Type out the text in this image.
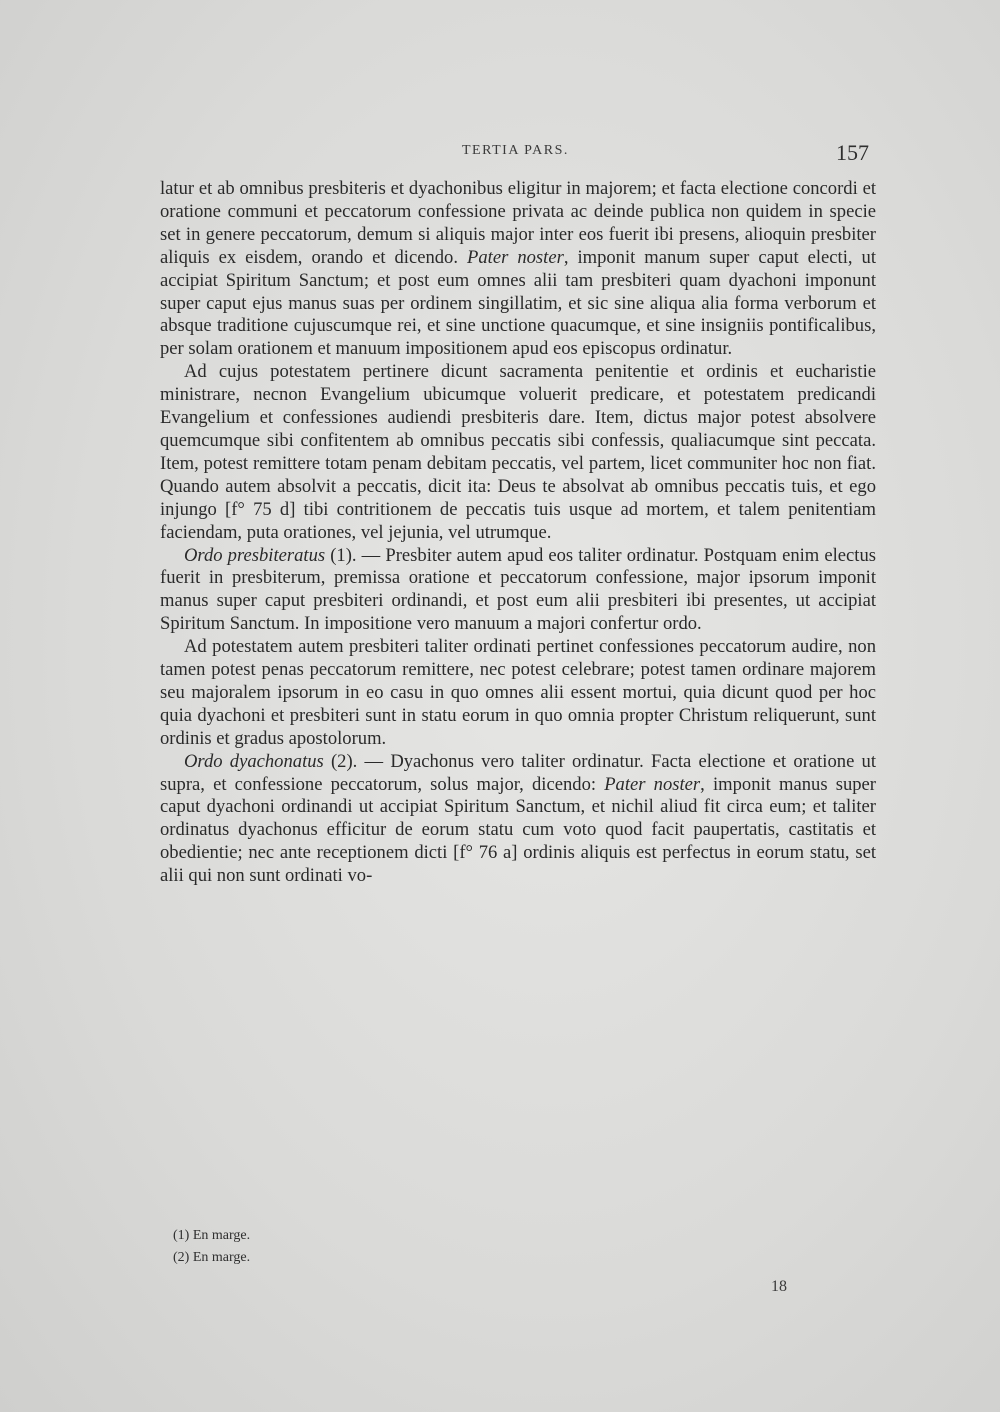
TERTIA PARS.	157

latur et ab omnibus presbiteris et dyachonibus eligitur in majorem; et facta electione concordi et oratione communi et peccatorum confessione privata ac deinde publica non quidem in specie set in genere peccatorum, demum si aliquis major inter eos fuerit ibi presens, alioquin presbiter aliquis ex eisdem, orando et dicendo. Pater noster, imponit manum super caput electi, ut accipiat Spiritum Sanctum; et post eum omnes alii tam presbiteri quam dyachoni imponunt super caput ejus manus suas per ordinem singillatim, et sic sine aliqua alia forma verborum et absque traditione cujuscumque rei, et sine unctione quacumque, et sine insigniis pontificalibus, per solam orationem et manuum impositionem apud eos episcopus ordinatur.

Ad cujus potestatem pertinere dicunt sacramenta penitentie et ordinis et eucharistie ministrare, necnon Evangelium ubicumque voluerit predicare, et potestatem predicandi Evangelium et confessiones audiendi presbiteris dare. Item, dictus major potest absolvere quemcumque sibi confitentem ab omnibus peccatis sibi confessis, qualiacumque sint peccata. Item, potest remittere totam penam debitam peccatis, vel partem, licet communiter hoc non fiat. Quando autem absolvit a peccatis, dicit ita: Deus te absolvat ab omnibus peccatis tuis, et ego injungo [f° 75 d] tibi contritionem de peccatis tuis usque ad mortem, et talem penitentiam faciendam, puta orationes, vel jejunia, vel utrumque.

Ordo presbiteratus (1). — Presbiter autem apud eos taliter ordinatur. Postquam enim electus fuerit in presbiterum, premissa oratione et peccatorum confessione, major ipsorum imponit manus super caput presbiteri ordinandi, et post eum alii presbiteri ibi presentes, ut accipiat Spiritum Sanctum. In impositione vero manuum a majori confertur ordo.

Ad potestatem autem presbiteri taliter ordinati pertinet confessiones peccatorum audire, non tamen potest penas peccatorum remittere, nec potest celebrare; potest tamen ordinare majorem seu majoralem ipsorum in eo casu in quo omnes alii essent mortui, quia dicunt quod per hoc quia dyachoni et presbiteri sunt in statu eorum in quo omnia propter Christum reliquerunt, sunt ordinis et gradus apostolorum.

Ordo dyachonatus (2). — Dyachonus vero taliter ordinatur. Facta electione et oratione ut supra, et confessione peccatorum, solus major, dicendo: Pater noster, imponit manus super caput dyachoni ordinandi ut accipiat Spiritum Sanctum, et nichil aliud fit circa eum; et taliter ordinatus dyachonus efficitur de eorum statu cum voto quod facit paupertatis, castitatis et obedientie; nec ante receptionem dicti [f° 76 a] ordinis aliquis est perfectus in eorum statu, set alii qui non sunt ordinati vo-

(1) En marge.
(2) En marge.
18
